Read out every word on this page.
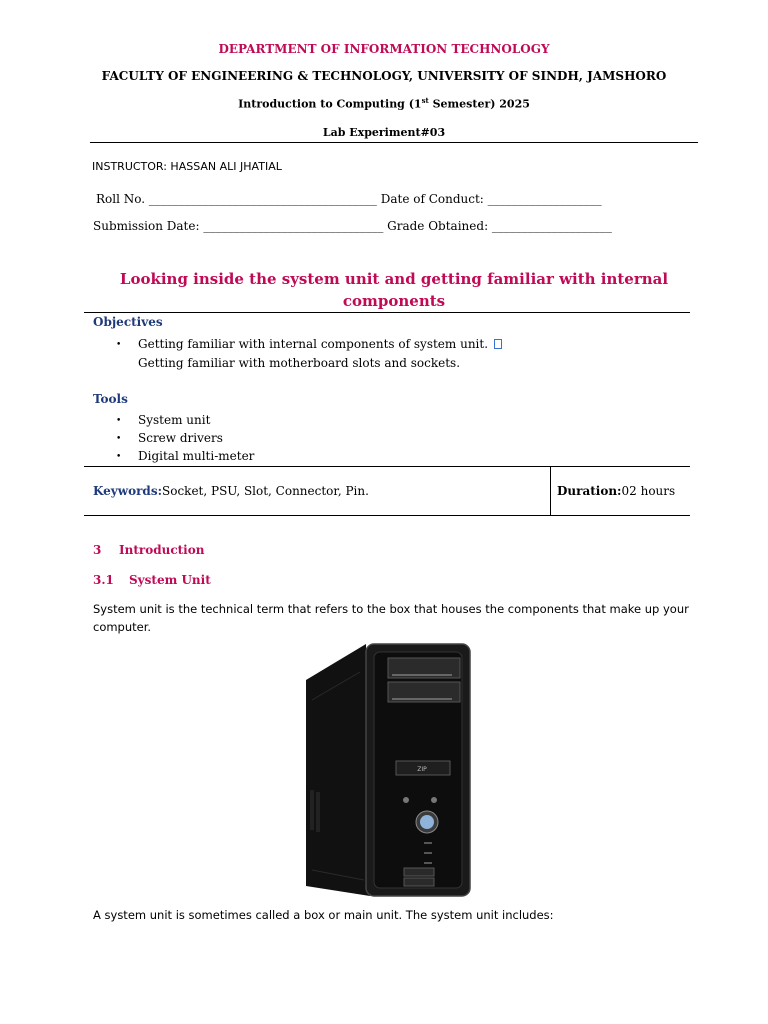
DEPARTMENT OF INFORMATION TECHNOLOGY
FACULTY OF ENGINEERING & TECHNOLOGY, UNIVERSITY OF SINDH, JAMSHORO
Introduction to Computing (1st Semester) 2025
Lab Experiment#03
INSTRUCTOR: HASSAN ALI JHATIAL
Roll No. ______________________________________ Date of Conduct: ___________________
Submission Date: ______________________________ Grade Obtained: ____________________
Looking inside the system unit and getting familiar with internal components
Objectives
• Getting familiar with internal components of system unit.
Getting familiar with motherboard slots and sockets.
Tools
• System unit
• Screw drivers
• Digital multi-meter
Keywords:Socket, PSU, Slot, Connector, Pin.	Duration:02 hours
3 Introduction
3.1 System Unit
System unit is the technical term that refers to the box that houses the components that make up your computer.
ZIP
A system unit is sometimes called a box or main unit. The system unit includes:
